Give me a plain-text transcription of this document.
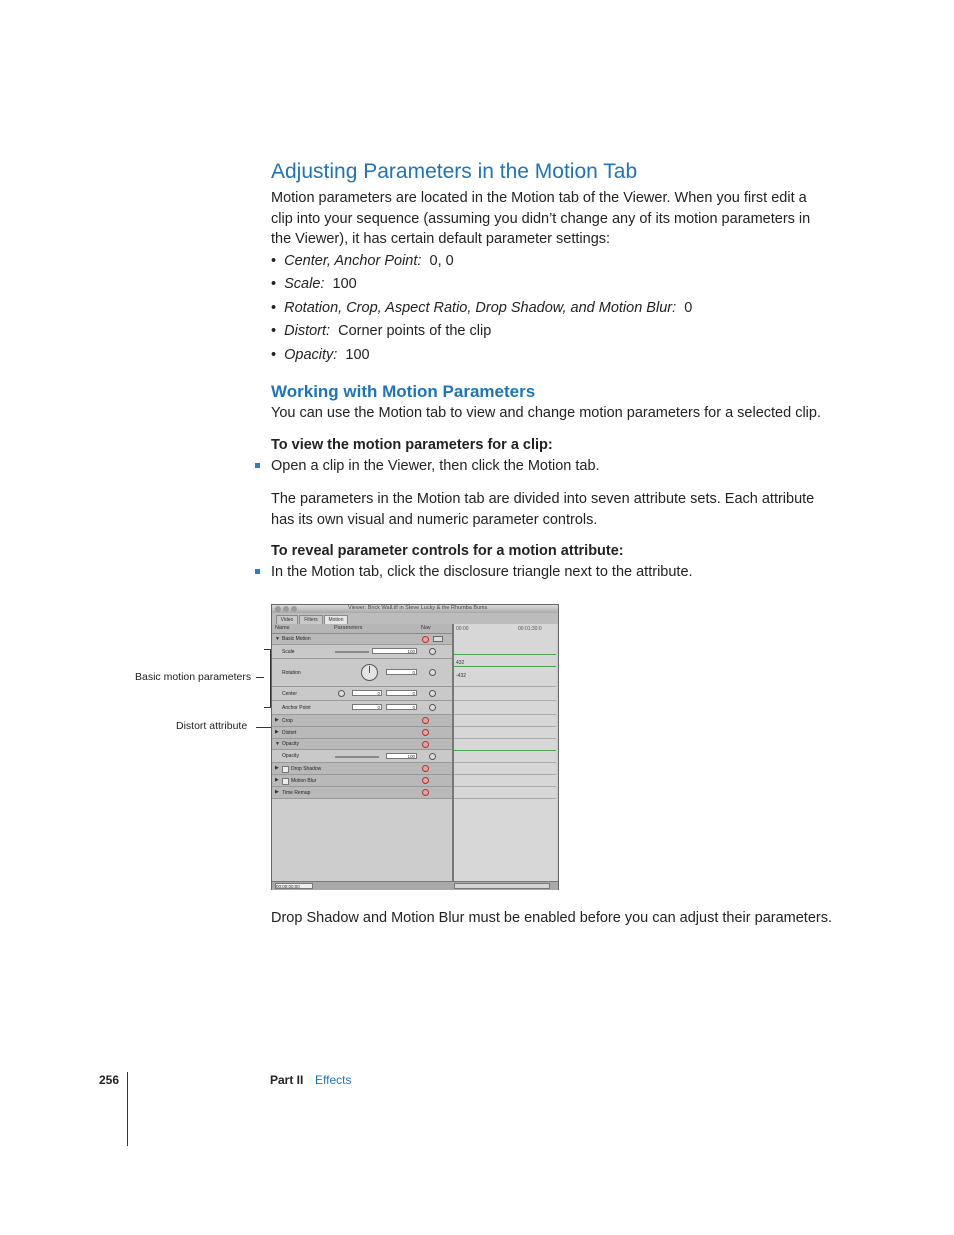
Adjusting Parameters in the Motion Tab
Motion parameters are located in the Motion tab of the Viewer. When you first edit a
clip into your sequence (assuming you didn’t change any of its motion parameters in
the Viewer), it has certain default parameter settings:
•  Center, Anchor Point: 0, 0
•  Scale: 100
•  Rotation, Crop, Aspect Ratio, Drop Shadow, and Motion Blur: 0
•  Distort: Corner points of the clip
•  Opacity: 100
Working with Motion Parameters
You can use the Motion tab to view and change motion parameters for a selected clip.
To view the motion parameters for a clip:
Open a clip in the Viewer, then click the Motion tab.
The parameters in the Motion tab are divided into seven attribute sets. Each attribute
has its own visual and numeric parameter controls.
To reveal parameter controls for a motion attribute:
In the Motion tab, click the disclosure triangle next to the attribute.
Basic motion parameters
Distort attribute
Viewer: Brick Wall.tif in Steve Lucky & the Rhumba Bums
Video	Filters	Motion
Name	Parameters	Nav
▼ Basic Motion
Scale	100
Rotation	0
Center	0	0
Anchor Point	0	0
▶ Crop
▶ Distort
▼ Opacity
Opacity	100
▶ Drop Shadow
▶ Motion Blur
▶ Time Remap
00:00	00:01:30:0
432
-432
00:00:00;00
Drop Shadow and Motion Blur must be enabled before you can adjust their parameters.
256	Part II Effects
